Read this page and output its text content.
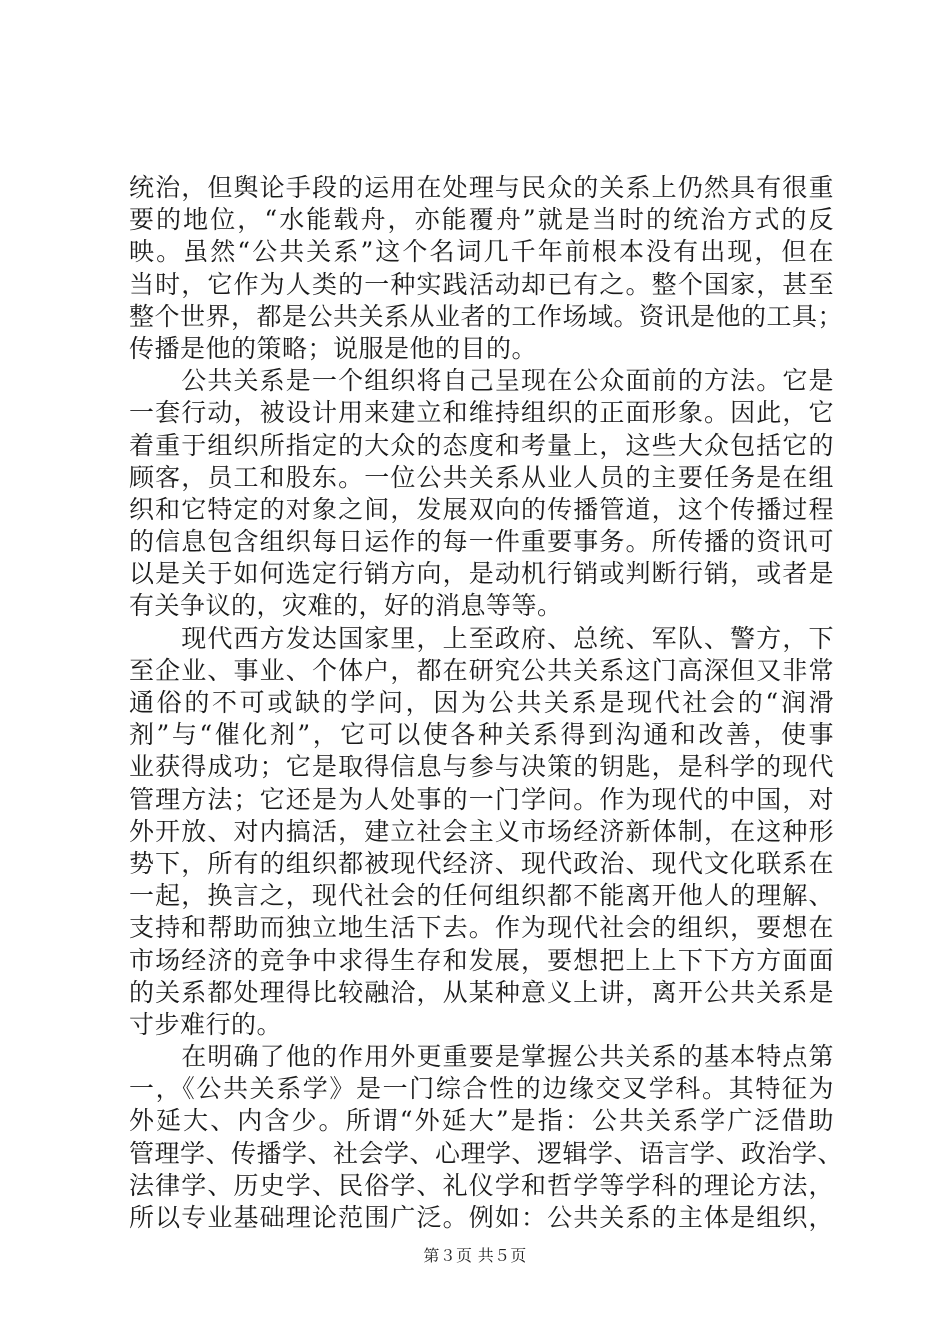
统治，但舆论手段的运用在处理与民众的关系上仍然具有很重
要的地位，“水能载舟，亦能覆舟”就是当时的统治方式的反
映。虽然“公共关系”这个名词几千年前根本没有出现，但在
当时，它作为人类的一种实践活动却已有之。整个国家，甚至
整个世界，都是公共关系从业者的工作场域。资讯是他的工具；
传播是他的策略；说服是他的目的。
　　公共关系是一个组织将自己呈现在公众面前的方法。它是
一套行动，被设计用来建立和维持组织的正面形象。因此，它
着重于组织所指定的大众的态度和考量上，这些大众包括它的
顾客，员工和股东。一位公共关系从业人员的主要任务是在组
织和它特定的对象之间，发展双向的传播管道，这个传播过程
的信息包含组织每日运作的每一件重要事务。所传播的资讯可
以是关于如何选定行销方向，是动机行销或判断行销，或者是
有关争议的，灾难的，好的消息等等。
　　现代西方发达国家里，上至政府、总统、军队、警方，下
至企业、事业、个体户，都在研究公共关系这门高深但又非常
通俗的不可或缺的学问，因为公共关系是现代社会的“润滑
剂”与“催化剂”，它可以使各种关系得到沟通和改善，使事
业获得成功；它是取得信息与参与决策的钥匙，是科学的现代
管理方法；它还是为人处事的一门学问。作为现代的中国，对
外开放、对内搞活，建立社会主义市场经济新体制，在这种形
势下，所有的组织都被现代经济、现代政治、现代文化联系在
一起，换言之，现代社会的任何组织都不能离开他人的理解、
支持和帮助而独立地生活下去。作为现代社会的组织，要想在
市场经济的竞争中求得生存和发展，要想把上上下下方方面面
的关系都处理得比较融洽，从某种意义上讲，离开公共关系是
寸步难行的。
　　在明确了他的作用外更重要是掌握公共关系的基本特点第
一，《公共关系学》是一门综合性的边缘交叉学科。其特征为
外延大、内含少。所谓“外延大”是指：公共关系学广泛借助
管理学、传播学、社会学、心理学、逻辑学、语言学、政治学、
法律学、历史学、民俗学、礼仪学和哲学等学科的理论方法，
所以专业基础理论范围广泛。例如：公共关系的主体是组织，
第３页 共５页
